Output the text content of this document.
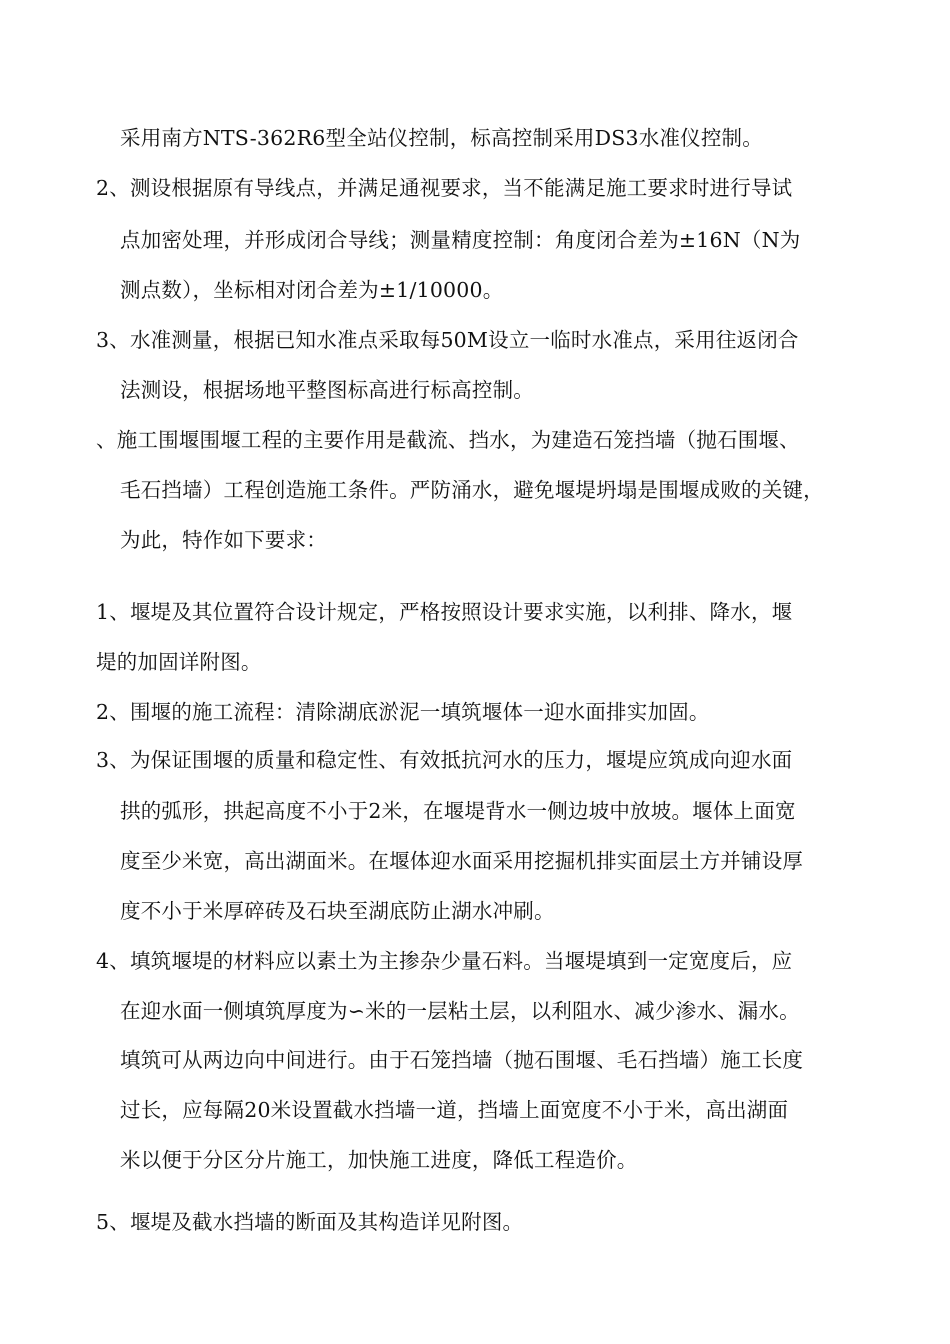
采用南方NTS-362R6型全站仪控制，标高控制采用DS3水准仪控制。
2、测设根据原有导线点，并满足通视要求，当不能满足施工要求时进行导试
点加密处理，并形成闭合导线；测量精度控制：角度闭合差为±16N（N为
测点数），坐标相对闭合差为±1/10000。
3、水准测量，根据已知水准点采取每50M设立一临时水准点，采用往返闭合
法测设，根据场地平整图标高进行标高控制。
、施工围堰围堰工程的主要作用是截流、挡水，为建造石笼挡墙（抛石围堰、
毛石挡墙）工程创造施工条件。严防涌水，避免堰堤坍塌是围堰成败的关键，
为此，特作如下要求：
1、堰堤及其位置符合设计规定，严格按照设计要求实施，以利排、降水，堰
堤的加固详附图。
2、围堰的施工流程：清除湖底淤泥一填筑堰体一迎水面排实加固。
3、为保证围堰的质量和稳定性、有效抵抗河水的压力，堰堤应筑成向迎水面
拱的弧形，拱起高度不小于2米，在堰堤背水一侧边坡中放坡。堰体上面宽
度至少米宽，高出湖面米。在堰体迎水面采用挖掘机排实面层土方并铺设厚
度不小于米厚碎砖及石块至湖底防止湖水冲刷。
4、填筑堰堤的材料应以素土为主掺杂少量石料。当堰堤填到一定宽度后，应
在迎水面一侧填筑厚度为∽米的一层粘土层，以利阻水、减少渗水、漏水。
填筑可从两边向中间进行。由于石笼挡墙（抛石围堰、毛石挡墙）施工长度
过长，应每隔20米设置截水挡墙一道，挡墙上面宽度不小于米，高出湖面
米以便于分区分片施工，加快施工进度，降低工程造价。
5、堰堤及截水挡墙的断面及其构造详见附图。
